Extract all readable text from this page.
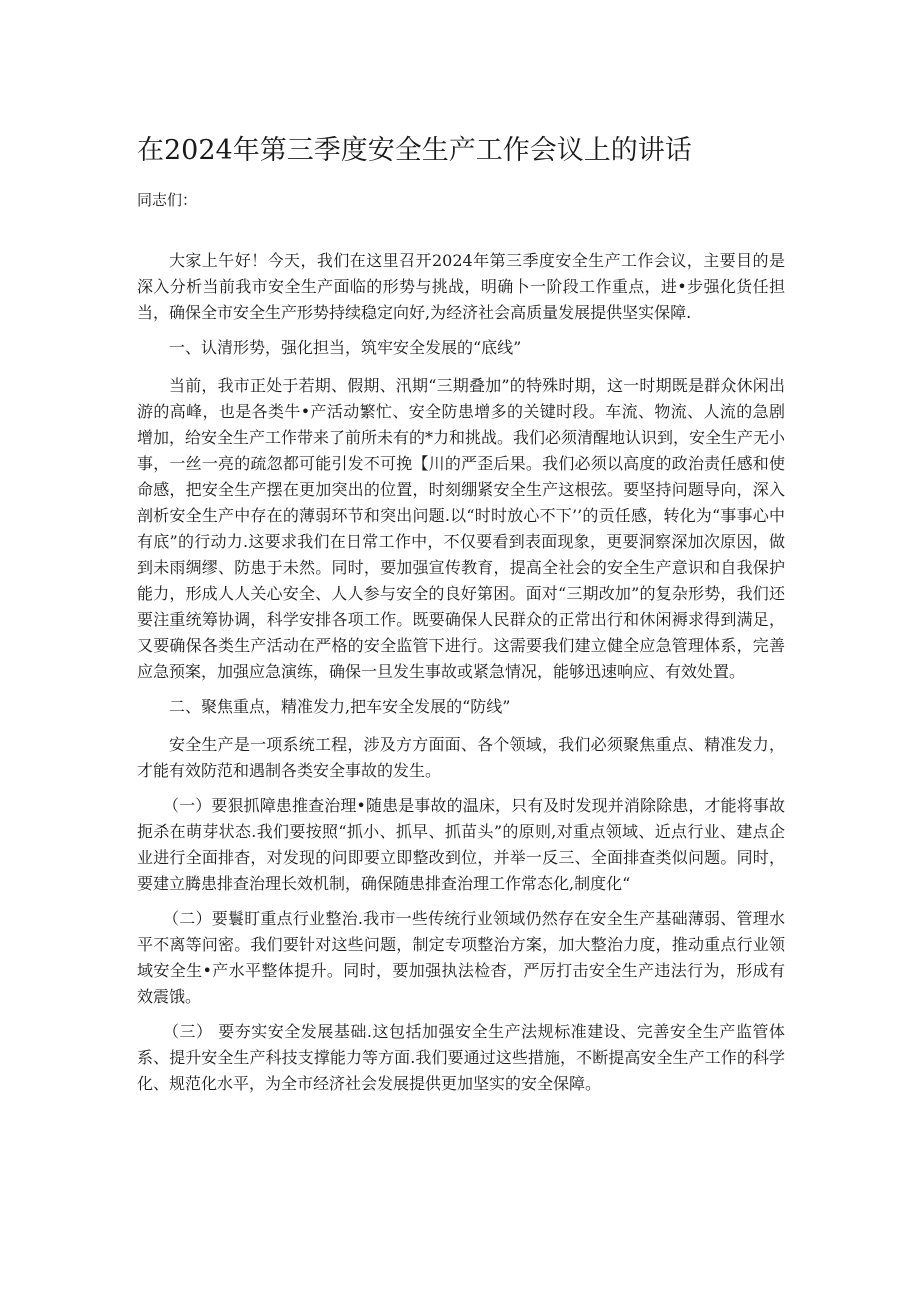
在2024年第三季度安全生产工作会议上的讲话

同志们：

大家上午好！今天，我们在这里召开2024年第三季度安全生产工作会议，主要目的是深入分析当前我市安全生产面临的形势与挑战，明确卜一阶段工作重点，进•步强化货任担当，确保全市安全生产形势持续稳定向好,为经济社会高质量发展提供坚实保障.

一、认清形势，强化担当，筑牢安全发展的“底线”

当前，我市正处于若期、假期、汛期“三期叠加”的特殊时期，这一时期既是群众休闲出游的高峰，也是各类牛•产活动繁忙、安全防患增多的关键时段。车流、物流、人流的急剧增加，给安全生产工作带来了前所未有的*力和挑战。我们必须清醒地认识到，安全生产无小事，一丝一亮的疏忽都可能引发不可挽【川的严歪后果。我们必须以高度的政治责任感和使命感，把安全生产摆在更加突出的位置，时刻绷紧安全生产这根弦。要坚持问题导向，深入剖析安全生产中存在的薄弱环节和突出问题.以“时时放心不下’’的贡任感，转化为“事事心中有底”的行动力.这要求我们在日常工作中，不仅要看到表面现象，更要洞察深加次原因，做到未雨绸缪、防患于未然。同时，要加强宣传教育，提高全社会的安全生产意识和自我保护能力，形成人人关心安全、人人参与安全的良好第困。面对“三期改加”的复杂形势，我们还要注重统筹协调，科学安排各项工作。既要确保人民群众的正常出行和休闲褥求得到满足，又要确保各类生产活动在严格的安全监管下进行。这需要我们建立健全应急管理体系，完善应急预案，加强应急演练，确保一旦发生事故或紧急情况，能够迅速响应、有效处置。

二、聚焦重点，精准发力,把车安全发展的“防线”

安全生产是一项系统工程，涉及方方面面、各个领域，我们必须聚焦重点、精准发力，才能有效防范和遇制各类安全事故的发生。

（一）要狠抓障患推查治理•随患是事故的温床，只有及时发现并消除除患，才能将事故扼杀在萌芽状态.我们要按照“抓小、抓早、抓苗头”的原则,对重点领域、近点行业、建点企业进行全面排杳，对发现的问即要立即整改到位，并举一反三、全面排查类似问题。同时，要建立腾患排查治理长效机制，确保随患排查治理工作常态化,制度化“

（二）要鬟盯重点行业整治.我市一些传统行业领域仍然存在安全生产基础薄弱、管理水平不离等问密。我们要针对这些问题，制定专项整治方案，加大整治力度，推动重点行业领域安全生•产水平整体提升。同时，要加强执法检杳，严厉打击安全生产违法行为，形成有效震饿。

（三） 要夯实安全发展基础.这包括加强安全生产法规标准建设、完善安全生产监管体系、提升安全生产科技支撑能力等方面.我们要通过这些措施，不断提高安全生产工作的科学化、规范化水平，为全市经济社会发展提供更加坚实的安全保障。
